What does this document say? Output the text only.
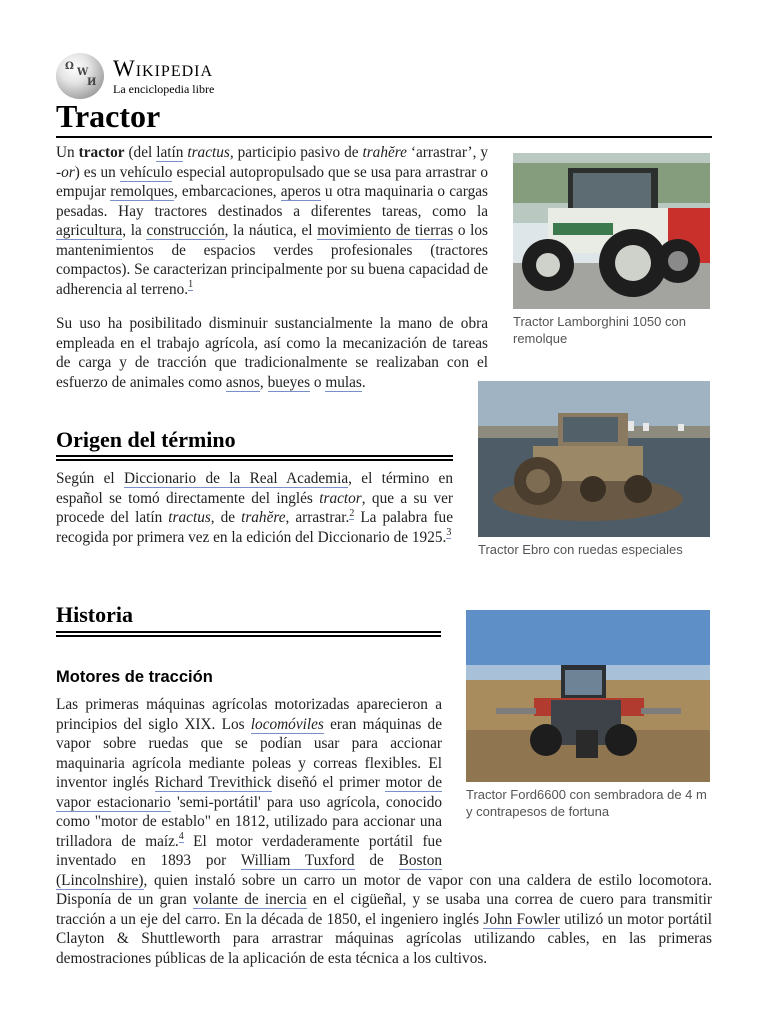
Ω
W
И
Wikipedia
La enciclopedia libre
Tractor

Un tractor (del latín tractus, participio pasivo de trahĕre ‘arrastrar’, y -or) es un vehículo especial autopropulsado que se usa para arrastrar o empujar remolques, embarcaciones, aperos u otra maquinaria o cargas pesadas. Hay tractores destinados a diferentes tareas, como la agricultura, la construcción, la náutica, el movimiento de tierras o los mantenimientos de espacios verdes profesionales (tractores compactos). Se caracterizan principalmente por su buena capacidad de adherencia al terreno.$^1$

Su uso ha posibilitado disminuir sustancialmente la mano de obra empleada en el trabajo agrícola, así como la mecanización de tareas de carga y de tracción que tradicionalmente se realizaban con el esfuerzo de animales como asnos, bueyes o mulas.

Tractor Lamborghini 1050 con remolque
Origen del término

Según el Diccionario de la Real Academia, el término en español se tomó directamente del inglés tractor, que a su ver procede del latín tractus, de trahĕre, arrastrar.$^2$ La palabra fue recogida por primera vez en la edición del Diccionario de 1925.$^3$

Tractor Ebro con ruedas especiales
Historia
Motores de tracción
Tractor Ford6600 con sembradora de 4 m y contrapesos de fortuna

Las primeras máquinas agrícolas motorizadas aparecieron a principios del siglo XIX. Los locomóviles eran máquinas de vapor sobre ruedas que se podían usar para accionar maquinaria agrícola mediante poleas y correas flexibles. El inventor inglés Richard Trevithick diseñó el primer motor de vapor estacionario 'semi-portátil' para uso agrícola, conocido como "motor de establo" en 1812, utilizado para accionar una trilladora de maíz.$^4$ El motor verdaderamente portátil fue inventado en 1893 por William Tuxford de Boston (Lincolnshire), quien instaló sobre un carro un motor de vapor con una caldera de estilo locomotora. Disponía de un gran volante de inercia en el cigüeñal, y se usaba una correa de cuero para transmitir tracción a un eje del carro. En la década de 1850, el ingeniero inglés John Fowler utilizó un motor portátil Clayton & Shuttleworth para arrastrar máquinas agrícolas utilizando cables, en las primeras demostraciones públicas de la aplicación de esta técnica a los cultivos.
